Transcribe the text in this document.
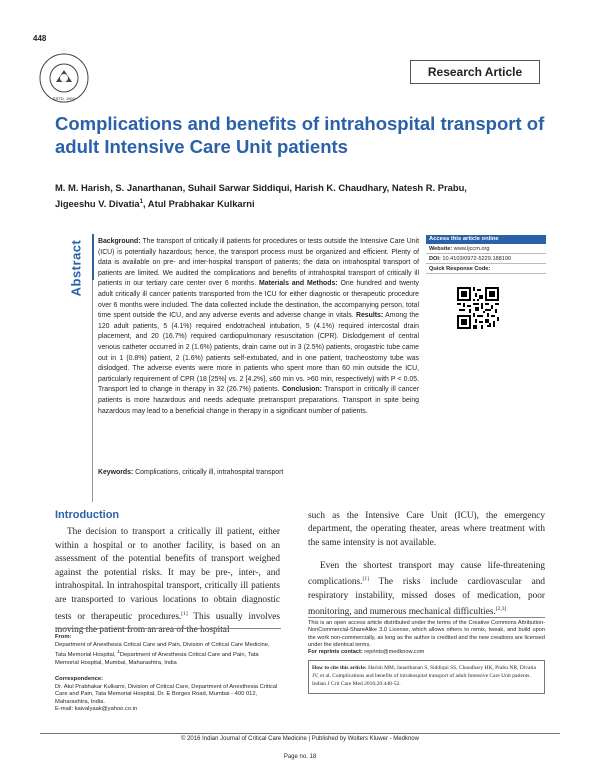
448
ESTD. 1993
Research Article
Complications and benefits of intrahospital transport of adult Intensive Care Unit patients
M. M. Harish, S. Janarthanan, Suhail Sarwar Siddiqui, Harish K. Chaudhary, Natesh R. Prabu,
Jigeeshu V. Divatia$^1$, Atul Prabhakar Kulkarni
Abstract Background: The transport of critically ill patients for procedures or tests outside the Intensive Care Unit (ICU) is potentially hazardous; hence, the transport process must be organized and efficient. Plenty of data is available on pre- and inter-hospital transport of patients; the data on intrahospital transport of patients are limited. We audited the complications and benefits of intrahospital transport of critically ill patients in our tertiary care center over 6 months. Materials and Methods: One hundred and twenty adult critically ill cancer patients transported from the ICU for either diagnostic or therapeutic procedure over 6 months were included. The data collected include the destination, the accompanying person, total time spent outside the ICU, and any adverse events and adverse change in vitals. Results: Among the 120 adult patients, 5 (4.1%) required endotracheal intubation, 5 (4.1%) required intercostal drain placement, and 20 (16.7%) required cardiopulmonary resuscitation (CPR). Dislodgement of central venous catheter occurred in 2 (1.6%) patients, drain came out in 3 (2.5%) patients, orogastric tube came out in 1 (0.8%) patient, 2 (1.6%) patients self-extubated, and in one patient, tracheostomy tube was dislodged. The adverse events were more in patients who spent more than 60 min outside the ICU, particularly requirement of CPR (18 [25%] vs. 2 [4.2%], ≤60 min vs. >60 min, respectively) with P < 0.05. Transport led to change in therapy in 32 (26.7%) patients. Conclusion: Transport in critically ill cancer patients is more hazardous and needs adequate pretransport preparations. Transport in spite being hazardous may lead to a beneficial change in therapy in a significant number of patients.

Keywords: Complications, critically ill, intrahospital transport

Access this article online
Website: www.ijccm.org
DOI: 10.4103/0972-5229.188190
Quick Response Code:
Introduction

The decision to transport a critically ill patient, either within a hospital or to another facility, is based on an assessment of the potential benefits of transport weighed against the potential risks. It may be pre-, inter-, and intrahospital. In intrahospital transport, critically ill patients are transported to various locations to obtain diagnostic tests or therapeutic procedures.[1] This usually involves moving the patient from an area of the hospital

such as the Intensive Care Unit (ICU), the emergency department, the operating theater, areas where treatment with the same intensity is not available.

Even the shortest transport may cause life-threatening complications.[1] The risks include cardiovascular and respiratory instability, missed doses of medication, poor monitoring, and numerous mechanical difficulties.[2,3]

From:
Department of Anesthesia Critical Care and Pain, Division of Critical Care Medicine, Tata Memorial Hospital, $^1$Department of Anesthesia Critical Care and Pain, Tata Memorial Hospital, Mumbai, Maharashtra, India
Correspondence:
Dr. Atul Prabhakar Kulkarni, Division of Critical Care, Department of Anesthesia Critical Care and Pain, Tata Memorial Hospital, Dr. E Borges Road, Mumbai - 400 012, Maharashtra, India.
E-mail: kaivalyaak@yahoo.co.in

This is an open access article distributed under the terms of the Creative Commons Attribution-NonCommercial-ShareAlike 3.0 License, which allows others to remix, tweak, and build upon the work non-commercially, as long as the author is credited and the new creations are licensed under the identical terms.

For reprints contact: reprints@medknow.com

How to cite this article: Harish MM, Janarthanan S, Siddiqui SS, Chaudhary HK, Prabu NR, Divatia JV, et al. Complications and benefits of intrahospital transport of adult Intensive Care Unit patients. Indian J Crit Care Med 2016;20:448-52.
© 2016 Indian Journal of Critical Care Medicine | Published by Wolters Kluwer - Medknow
Page no. 18
